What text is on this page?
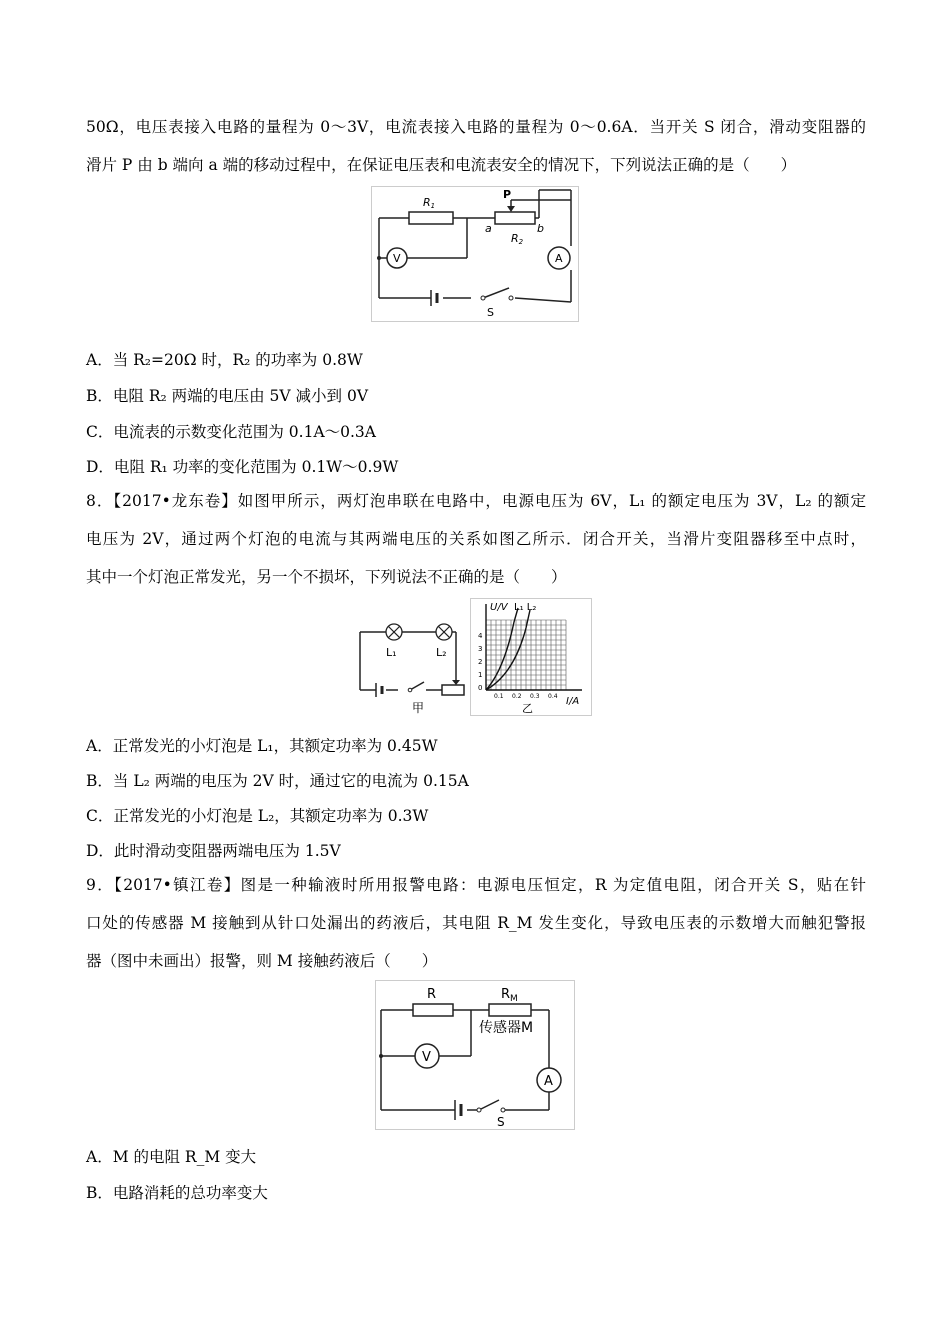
50Ω，电压表接入电路的量程为 0～3V，电流表接入电路的量程为 0～0.6A．当开关 S 闭合，滑动变阻器的
滑片 P 由 b 端向 a 端的移动过程中，在保证电压表和电流表安全的情况下，下列说法正确的是（　　）
R1
P
a	b
R2
V	A
S
A．当 R₂=20Ω 时，R₂ 的功率为 0.8W
B．电阻 R₂ 两端的电压由 5V 减小到 0V
C．电流表的示数变化范围为 0.1A～0.3A
D．电阻 R₁ 功率的变化范围为 0.1W～0.9W
8．【2017•龙东卷】如图甲所示，两灯泡串联在电路中，电源电压为 6V，L₁ 的额定电压为 3V，L₂ 的额定
电压为 2V，通过两个灯泡的电流与其两端电压的关系如图乙所示．闭合开关，当滑片变阻器移至中点时，
其中一个灯泡正常发光，另一个不损坏，下列说法不正确的是（　　）
L₁	L₂
甲
U/V L₁ L₂
4
3
2
1
0
0.1 0.2 0.3 0.4
乙
I/A
A．正常发光的小灯泡是 L₁，其额定功率为 0.45W
B．当 L₂ 两端的电压为 2V 时，通过它的电流为 0.15A
C．正常发光的小灯泡是 L₂，其额定功率为 0.3W
D．此时滑动变阻器两端电压为 1.5V
9．【2017•镇江卷】图是一种输液时所用报警电路：电源电压恒定，R 为定值电阻，闭合开关 S，贴在针
口处的传感器 M 接触到从针口处漏出的药液后，其电阻 R_M 发生变化，导致电压表的示数增大而触犯警报
器（图中未画出）报警，则 M 接触药液后（　　）
R	$R_M$
传感器M
V
A
S
A．M 的电阻 R_M 变大
B．电路消耗的总功率变大
